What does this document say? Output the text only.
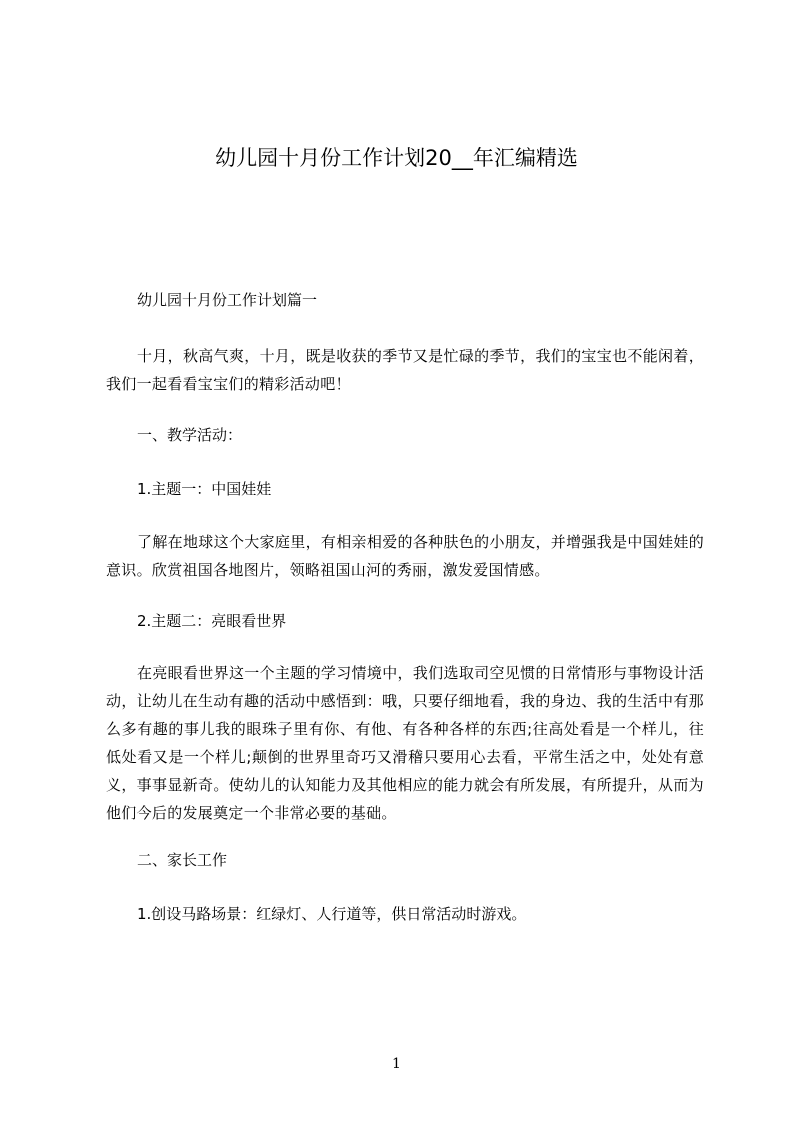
幼儿园十月份工作计划20__年汇编精选
幼儿园十月份工作计划篇一
十月，秋高气爽，十月，既是收获的季节又是忙碌的季节，我们的宝宝也不能闲着，我们一起看看宝宝们的精彩活动吧！
一、教学活动：
1.主题一：中国娃娃
了解在地球这个大家庭里，有相亲相爱的各种肤色的小朋友，并增强我是中国娃娃的意识。欣赏祖国各地图片，领略祖国山河的秀丽，激发爱国情感。
2.主题二：亮眼看世界
在亮眼看世界这一个主题的学习情境中，我们选取司空见惯的日常情形与事物设计活动，让幼儿在生动有趣的活动中感悟到：哦，只要仔细地看，我的身边、我的生活中有那么多有趣的事儿我的眼珠子里有你、有他、有各种各样的东西;往高处看是一个样儿，往低处看又是一个样儿;颠倒的世界里奇巧又滑稽只要用心去看，平常生活之中，处处有意义，事事显新奇。使幼儿的认知能力及其他相应的能力就会有所发展，有所提升，从而为他们今后的发展奠定一个非常必要的基础。
二、家长工作
1.创设马路场景：红绿灯、人行道等，供日常活动时游戏。
1
